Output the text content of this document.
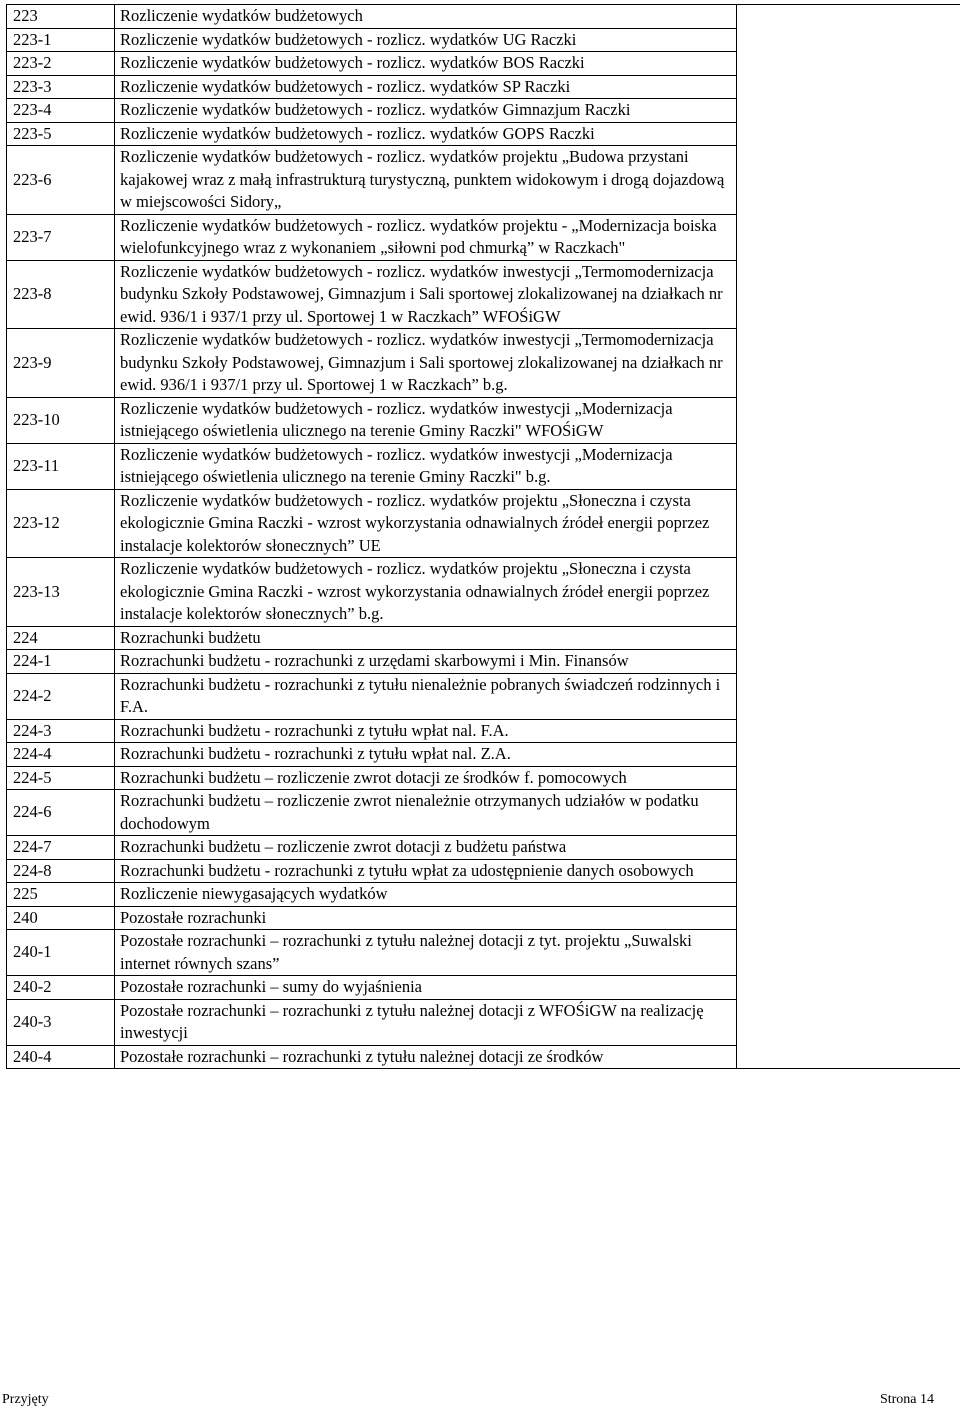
223	Rozliczenie wydatków budżetowych	
223-1	Rozliczenie wydatków budżetowych - rozlicz. wydatków UG Raczki	
223-2	Rozliczenie wydatków budżetowych - rozlicz. wydatków BOS Raczki	
223-3	Rozliczenie wydatków budżetowych - rozlicz. wydatków SP Raczki	
223-4	Rozliczenie wydatków budżetowych - rozlicz. wydatków Gimnazjum Raczki	
223-5	Rozliczenie wydatków budżetowych - rozlicz. wydatków GOPS Raczki	
223-6	Rozliczenie wydatków budżetowych - rozlicz. wydatków projektu „Budowa przystani kajakowej wraz z małą infrastrukturą turystyczną, punktem widokowym i drogą dojazdową w miejscowości Sidory„	
223-7	Rozliczenie wydatków budżetowych - rozlicz. wydatków projektu - „Modernizacja boiska wielofunkcyjnego wraz z wykonaniem „siłowni pod chmurką” w Raczkach"	
223-8	Rozliczenie wydatków budżetowych - rozlicz. wydatków inwestycji „Termomodernizacja budynku Szkoły Podstawowej, Gimnazjum i Sali sportowej zlokalizowanej na działkach nr ewid. 936/1 i 937/1 przy ul. Sportowej 1 w Raczkach” WFOŚiGW	
223-9	Rozliczenie wydatków budżetowych - rozlicz. wydatków inwestycji „Termomodernizacja budynku Szkoły Podstawowej, Gimnazjum i Sali sportowej zlokalizowanej na działkach nr ewid. 936/1 i 937/1 przy ul. Sportowej 1 w Raczkach” b.g.	
223-10	Rozliczenie wydatków budżetowych - rozlicz. wydatków inwestycji „Modernizacja istniejącego oświetlenia ulicznego na terenie Gminy Raczki" WFOŚiGW	
223-11	Rozliczenie wydatków budżetowych - rozlicz. wydatków inwestycji „Modernizacja istniejącego oświetlenia ulicznego na terenie Gminy Raczki" b.g.	
223-12	Rozliczenie wydatków budżetowych - rozlicz. wydatków projektu „Słoneczna i czysta ekologicznie Gmina Raczki - wzrost wykorzystania odnawialnych źródeł energii poprzez instalacje kolektorów słonecznych” UE	
223-13	Rozliczenie wydatków budżetowych - rozlicz. wydatków projektu „Słoneczna i czysta ekologicznie Gmina Raczki - wzrost wykorzystania odnawialnych źródeł energii poprzez instalacje kolektorów słonecznych” b.g.	
224	Rozrachunki budżetu	
224-1	Rozrachunki budżetu - rozrachunki z urzędami skarbowymi i Min. Finansów	
224-2	Rozrachunki budżetu - rozrachunki z tytułu nienależnie pobranych świadczeń rodzinnych i F.A.	
224-3	Rozrachunki budżetu - rozrachunki z tytułu wpłat nal. F.A.	
224-4	Rozrachunki budżetu - rozrachunki z tytułu wpłat nal. Z.A.	
224-5	Rozrachunki budżetu – rozliczenie zwrot dotacji ze środków f. pomocowych	
224-6	Rozrachunki budżetu – rozliczenie zwrot nienależnie otrzymanych udziałów w podatku dochodowym	
224-7	Rozrachunki budżetu – rozliczenie zwrot dotacji z budżetu państwa	
224-8	Rozrachunki budżetu - rozrachunki z tytułu wpłat za udostępnienie danych osobowych	
225	Rozliczenie niewygasających wydatków	
240	Pozostałe rozrachunki	
240-1	Pozostałe rozrachunki – rozrachunki z tytułu należnej dotacji z tyt. projektu „Suwalski internet równych szans”	
240-2	Pozostałe rozrachunki – sumy do wyjaśnienia	
240-3	Pozostałe rozrachunki – rozrachunki z tytułu należnej dotacji z WFOŚiGW na realizację inwestycji	
240-4	Pozostałe rozrachunki – rozrachunki z tytułu należnej dotacji ze środków	
Przyjęty	Strona 14
